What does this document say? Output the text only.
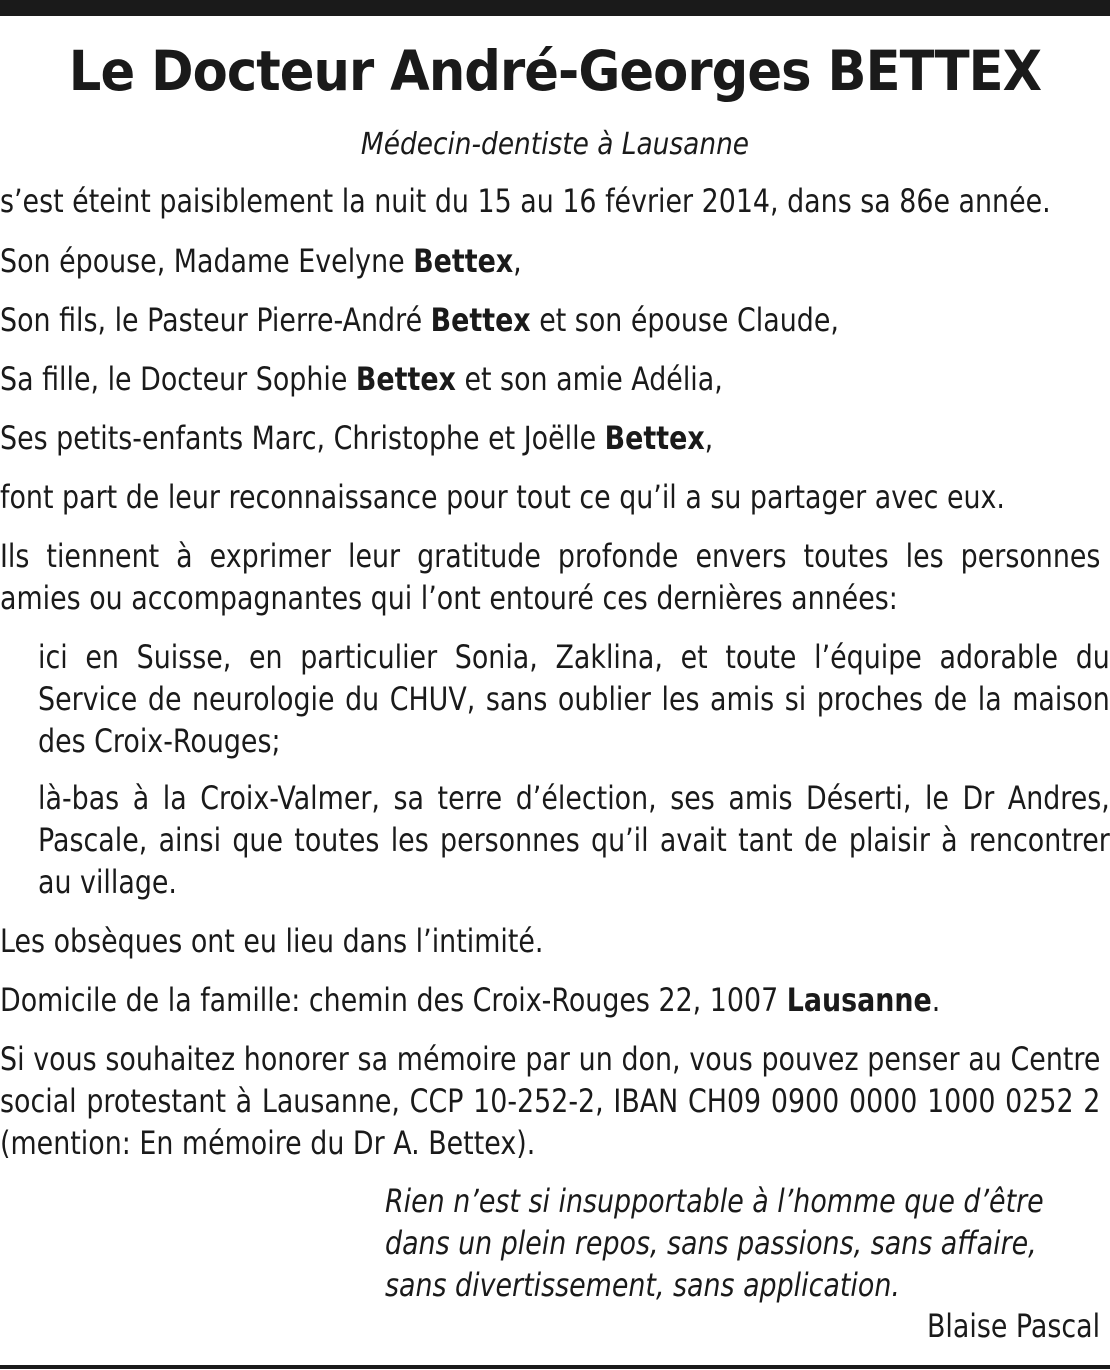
Le Docteur André-Georges BETTEX

Médecin-dentiste à Lausanne

s’est éteint paisiblement la nuit du 15 au 16 février 2014, dans sa 86e année.

Son épouse, Madame Evelyne Bettex,

Son fils, le Pasteur Pierre-André Bettex et son épouse Claude,

Sa fille, le Docteur Sophie Bettex et son amie Adélia,

Ses petits-enfants Marc, Christophe et Joëlle Bettex,

font part de leur reconnaissance pour tout ce qu’il a su partager avec eux.

Ils tiennent à exprimer leur gratitude profonde envers toutes les personnes amies ou accompagnantes qui l’ont entouré ces dernières années:

ici en Suisse, en particulier Sonia, Zaklina, et toute l’équipe adorable du Service de neurologie du CHUV, sans oublier les amis si proches de la maison des Croix-Rouges;

là-bas à la Croix-Valmer, sa terre d’élection, ses amis Déserti, le Dr Andres, Pascale, ainsi que toutes les personnes qu’il avait tant de plaisir à rencontrer au village.

Les obsèques ont eu lieu dans l’intimité.

Domicile de la famille: chemin des Croix-Rouges 22, 1007 Lausanne.

Si vous souhaitez honorer sa mémoire par un don, vous pouvez penser au Centre social protestant à Lausanne, CCP 10-252-2, IBAN CH09 0900 0000 1000 0252 2 (mention: En mémoire du Dr A. Bettex).

Rien n’est si insupportable à l’homme que d’être
dans un plein repos, sans passions, sans affaire,
sans divertissement, sans application.

Blaise Pascal
